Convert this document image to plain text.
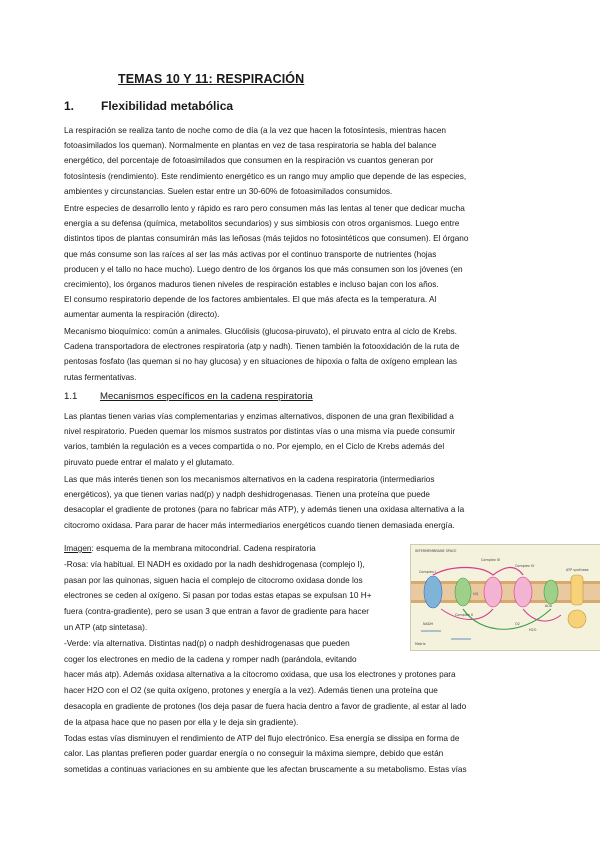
TEMAS 10 Y 11: RESPIRACIÓN
1. Flexibilidad metabólica
La respiración se realiza tanto de noche como de día (a la vez que hacen la fotosíntesis, mientras hacen
fotoasimilados los queman). Normalmente en plantas en vez de tasa respiratoria se habla del balance
energético, del porcentaje de fotoasimilados que consumen en la respiración vs cuantos generan por
fotosíntesis (rendimiento). Este rendimiento energético es un rango muy amplio que depende de las especies,
ambientes y circunstancias. Suelen estar entre un 30-60% de fotoasimilados consumidos.
Entre especies de desarrollo lento y rápido es raro pero consumen más las lentas al tener que dedicar mucha
energía a su defensa (química, metabolitos secundarios) y sus simbiosis con otros organismos. Luego entre
distintos tipos de plantas consumirán más las leñosas (más tejidos no fotosintéticos que consumen). El órgano
que más consume son las raíces al ser las más activas por el continuo transporte de nutrientes (hojas
producen y el tallo no hace mucho). Luego dentro de los órganos los que más consumen son los jóvenes (en
crecimiento), los órganos maduros tienen niveles de respiración estables e incluso bajan con los años.
El consumo respiratorio depende de los factores ambientales. El que más afecta es la temperatura. Al
aumentar aumenta la respiración (directo).
Mecanismo bioquímico: común a animales. Glucólisis (glucosa-piruvato), el piruvato entra al ciclo de Krebs.
Cadena transportadora de electrones respiratoria (atp y nadh). Tienen también la fotooxidación de la ruta de
pentosas fosfato (las queman si no hay glucosa) y en situaciones de hipoxia o falta de oxígeno emplean las
rutas fermentativas.
1.1 Mecanismos específicos en la cadena respiratoria
Las plantas tienen varias vías complementarias y enzimas alternativos, disponen de una gran flexibilidad a
nivel respiratorio. Pueden quemar los mismos sustratos por distintas vías o una misma vía puede consumir
varios, también la regulación es a veces compartida o no. Por ejemplo, en el Ciclo de Krebs además del
piruvato puede entrar el malato y el glutamato.
Las que más interés tienen son los mecanismos alternativos en la cadena respiratoria (intermediarios
energéticos), ya que tienen varias nad(p) y nadph deshidrogenasas. Tienen una proteína que puede
desacoplar el gradiente de protones (para no fabricar más ATP), y además tienen una oxidasa alternativa a la
citocromo oxidasa. Para parar de hacer más intermediarios energéticos cuando tienen demasiada energía.
Imagen: esquema de la membrana mitocondrial. Cadena respiratoria
-Rosa: vía habitual. El NADH es oxidado por la nadh deshidrogenasa (complejo I),
pasan por las quinonas, siguen hacia el complejo de citocromo oxidasa donde los
electrones se ceden al oxígeno. Si pasan por todas estas etapas se expulsan 10 H+
fuera (contra-gradiente), pero se usan 3 que entran a favor de gradiente para hacer
un ATP (atp sintetasa).
-Verde: vía alternativa. Distintas nad(p) o nadph deshidrogenasas que pueden
coger los electrones en medio de la cadena y romper nadh (parándola, evitando
hacer más atp). Además oxidasa alternativa a la citocromo oxidasa, que usa los electrones y protones para
hacer H2O con el O2 (se quita oxígeno, protones y energía a la vez). Además tienen una proteína que
desacopla en gradiente de protones (los deja pasar de fuera hacia dentro a favor de gradiente, al estar al lado
de la atpasa hace que no pasen por ella y le deja sin gradiente).
Todas estas vías disminuyen el rendimiento de ATP del flujo electrónico. Esa energía se dissipa en forma de
calor. Las plantas prefieren poder guardar energía o no conseguir la máxima siempre, debido que están
sometidas a continuas variaciones en su ambiente que les afectan bruscamente a su metabolismo. Estas vías
INTERMEMBRANE SPACE
Complex IV
Complex III
Complex I
Complex II
ATP synthase
Matrix
H2O
O2
NADH
UQ
AOX
